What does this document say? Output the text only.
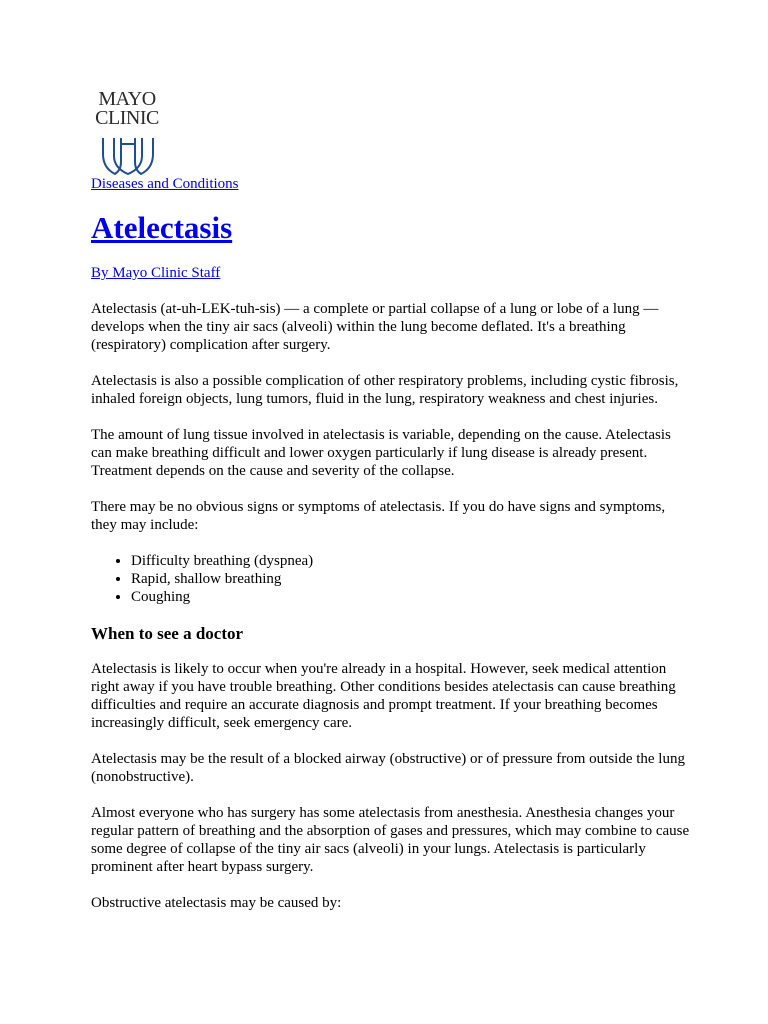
MAYO
CLINIC
Diseases and Conditions
Atelectasis
By Mayo Clinic Staff

Atelectasis (at-uh-LEK-tuh-sis) — a complete or partial collapse of a lung or lobe of a lung — develops when the tiny air sacs (alveoli) within the lung become deflated. It's a breathing (respiratory) complication after surgery.

Atelectasis is also a possible complication of other respiratory problems, including cystic fibrosis, inhaled foreign objects, lung tumors, fluid in the lung, respiratory weakness and chest injuries.

The amount of lung tissue involved in atelectasis is variable, depending on the cause. Atelectasis can make breathing difficult and lower oxygen particularly if lung disease is already present. Treatment depends on the cause and severity of the collapse.

There may be no obvious signs or symptoms of atelectasis. If you do have signs and symptoms, they may include:

• Difficulty breathing (dyspnea)
• Rapid, shallow breathing
• Coughing
When to see a doctor

Atelectasis is likely to occur when you're already in a hospital. However, seek medical attention right away if you have trouble breathing. Other conditions besides atelectasis can cause breathing difficulties and require an accurate diagnosis and prompt treatment. If your breathing becomes increasingly difficult, seek emergency care.

Atelectasis may be the result of a blocked airway (obstructive) or of pressure from outside the lung (nonobstructive).

Almost everyone who has surgery has some atelectasis from anesthesia. Anesthesia changes your regular pattern of breathing and the absorption of gases and pressures, which may combine to cause some degree of collapse of the tiny air sacs (alveoli) in your lungs. Atelectasis is particularly prominent after heart bypass surgery.

Obstructive atelectasis may be caused by:
